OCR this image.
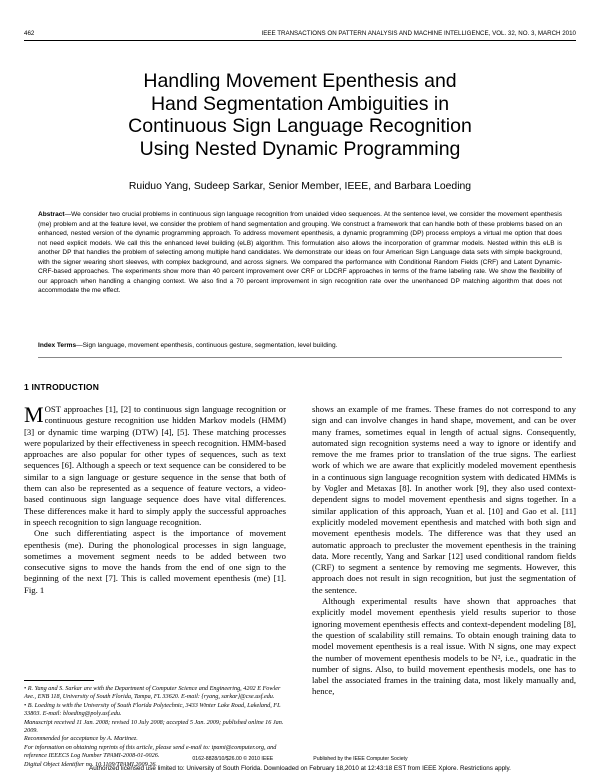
462	IEEE TRANSACTIONS ON PATTERN ANALYSIS AND MACHINE INTELLIGENCE, VOL. 32, NO. 3, MARCH 2010
Handling Movement Epenthesis and
Hand Segmentation Ambiguities in
Continuous Sign Language Recognition
Using Nested Dynamic Programming
Ruiduo Yang, Sudeep Sarkar, Senior Member, IEEE, and Barbara Loeding
Abstract—We consider two crucial problems in continuous sign language recognition from unaided video sequences. At the sentence level, we consider the movement epenthesis (me) problem and at the feature level, we consider the problem of hand segmentation and grouping. We construct a framework that can handle both of these problems based on an enhanced, nested version of the dynamic programming approach. To address movement epenthesis, a dynamic programming (DP) process employs a virtual me option that does not need explicit models. We call this the enhanced level building (eLB) algorithm. This formulation also allows the incorporation of grammar models. Nested within this eLB is another DP that handles the problem of selecting among multiple hand candidates. We demonstrate our ideas on four American Sign Language data sets with simple background, with the signer wearing short sleeves, with complex background, and across signers. We compared the performance with Conditional Random Fields (CRF) and Latent Dynamic-CRF-based approaches. The experiments show more than 40 percent improvement over CRF or LDCRF approaches in terms of the frame labeling rate. We show the flexibility of our approach when handling a changing context. We also find a 70 percent improvement in sign recognition rate over the unenhanced DP matching algorithm that does not accommodate the me effect.
Index Terms—Sign language, movement epenthesis, continuous gesture, segmentation, level building.
1 INTRODUCTION

MOST approaches [1], [2] to continuous sign language recognition or continuous gesture recognition use hidden Markov models (HMM) [3] or dynamic time warping (DTW) [4], [5]. These matching processes were popularized by their effectiveness in speech recognition. HMM-based approaches are also popular for other types of sequences, such as text sequences [6]. Although a speech or text sequence can be considered to be similar to a sign language or gesture sequence in the sense that both of them can also be represented as a sequence of feature vectors, a video-based continuous sign language sequence does have vital differences. These differences make it hard to simply apply the successful approaches in speech recognition to sign language recognition.

One such differentiating aspect is the importance of movement epenthesis (me). During the phonological processes in sign language, sometimes a movement segment needs to be added between two consecutive signs to move the hands from the end of one sign to the beginning of the next [7]. This is called movement epenthesis (me) [1]. Fig. 1

shows an example of me frames. These frames do not correspond to any sign and can involve changes in hand shape, movement, and can be over many frames, sometimes equal in length of actual signs. Consequently, automated sign recognition systems need a way to ignore or identify and remove the me frames prior to translation of the true signs. The earliest work of which we are aware that explicitly modeled movement epenthesis in a continuous sign language recognition system with dedicated HMMs is by Vogler and Metaxas [8]. In another work [9], they also used context-dependent signs to model movement epenthesis and signs together. In a similar application of this approach, Yuan et al. [10] and Gao et al. [11] explicitly modeled movement epenthesis and matched with both sign and movement epenthesis models. The difference was that they used an automatic approach to precluster the movement epenthesis in the training data. More recently, Yang and Sarkar [12] used conditional random fields (CRF) to segment a sentence by removing me segments. However, this approach does not result in sign recognition, but just the segmentation of the sentence.

Although experimental results have shown that approaches that explicitly model movement epenthesis yield results superior to those ignoring movement epenthesis effects and context-dependent modeling [8], the question of scalability still remains. To obtain enough training data to model movement epenthesis is a real issue. With N signs, one may expect the number of movement epenthesis models to be N², i.e., quadratic in the number of signs. Also, to build movement epenthesis models, one has to label the associated frames in the training data, most likely manually and, hence,

• R. Yang and S. Sarkar are with the Department of Computer Science and Engineering, 4202 E Fowler Ave., ENB 118, University of South Florida, Tampa, FL 33620. E-mail: {ryang, sarkar}@cse.usf.edu.

• B. Loeding is with the University of South Florida Polytechnic, 3433 Winter Lake Road, Lakeland, FL 33803. E-mail: bloeding@poly.usf.edu.

Manuscript received 11 Jan. 2008; revised 10 July 2008; accepted 5 Jan. 2009; published online 16 Jan. 2009.

Recommended for acceptance by A. Martinez.

For information on obtaining reprints of this article, please send e-mail to: tpami@computer.org, and reference IEEECS Log Number TPAMI-2008-01-0026.

Digital Object Identifier no. 10.1109/TPAMI.2009.26.

0162-8828/10/$26.00 © 2010 IEEE	Published by the IEEE Computer Society
Authorized licensed use limited to: University of South Florida. Downloaded on February 18,2010 at 12:43:18 EST from IEEE Xplore. Restrictions apply.
